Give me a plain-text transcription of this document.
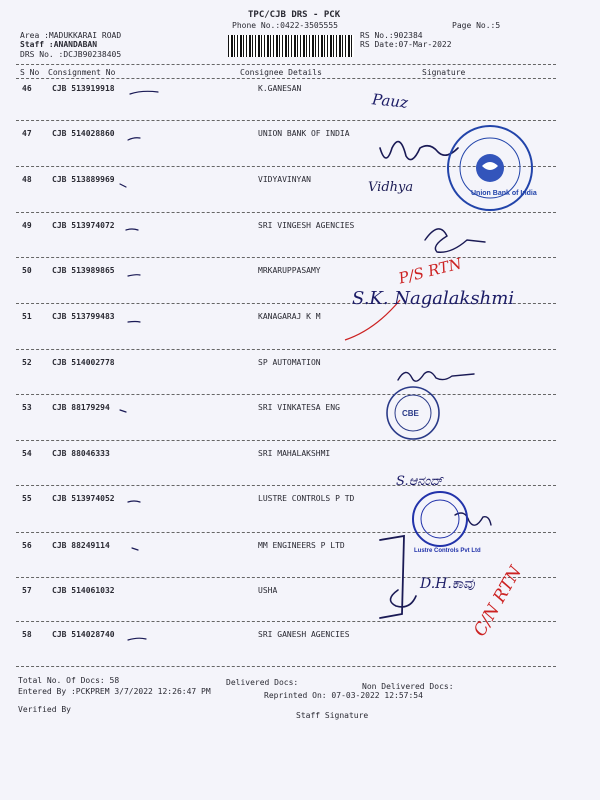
TPC/CJB DRS - PCK
Phone No.:0422-3505555	Page No.:5
Area :MADUKKARAI ROAD
Staff :ANANDABAN
DRS No. :DCJB90238405
RS No.:902384
RS Date:07-Mar-2022
S No Consignment No	Consignee Details	Signature
46	CJB 513919918	K.GANESAN
47	CJB 514028860	UNION BANK OF INDIA
48	CJB 513889969	VIDYAVINYAN
49	CJB 513974072	SRI VINGESH AGENCIES
50	CJB 513989865	MRKARUPPASAMY
51	CJB 513799483	KANAGARAJ K M
52	CJB 514002778	SP AUTOMATION
53	CJB 88179294	SRI VINKATESA ENG
54	CJB 88046333	SRI MAHALAKSHMI
55	CJB 513974052	LUSTRE CONTROLS P TD
56	CJB 88249114	MM ENGINEERS P LTD
57	CJB 514061032	USHA
58	CJB 514028740	SRI GANESH AGENCIES
Total No. Of Docs: 58	Delivered Docs:	Non Delivered Docs:
Entered By :PCKPREM 3/7/2022 12:26:47 PM	Reprinted On: 07-03-2022 12:57:54
Verified By
Staff Signature
Pauz
Vidhya
P/S RTN
S.K. Nagalakshmi
S.ಆನಂದ್
D.H.ಕಾವು
C/N RTN
Union Bank of India
CBE
Lustre Controls Pvt Ltd
